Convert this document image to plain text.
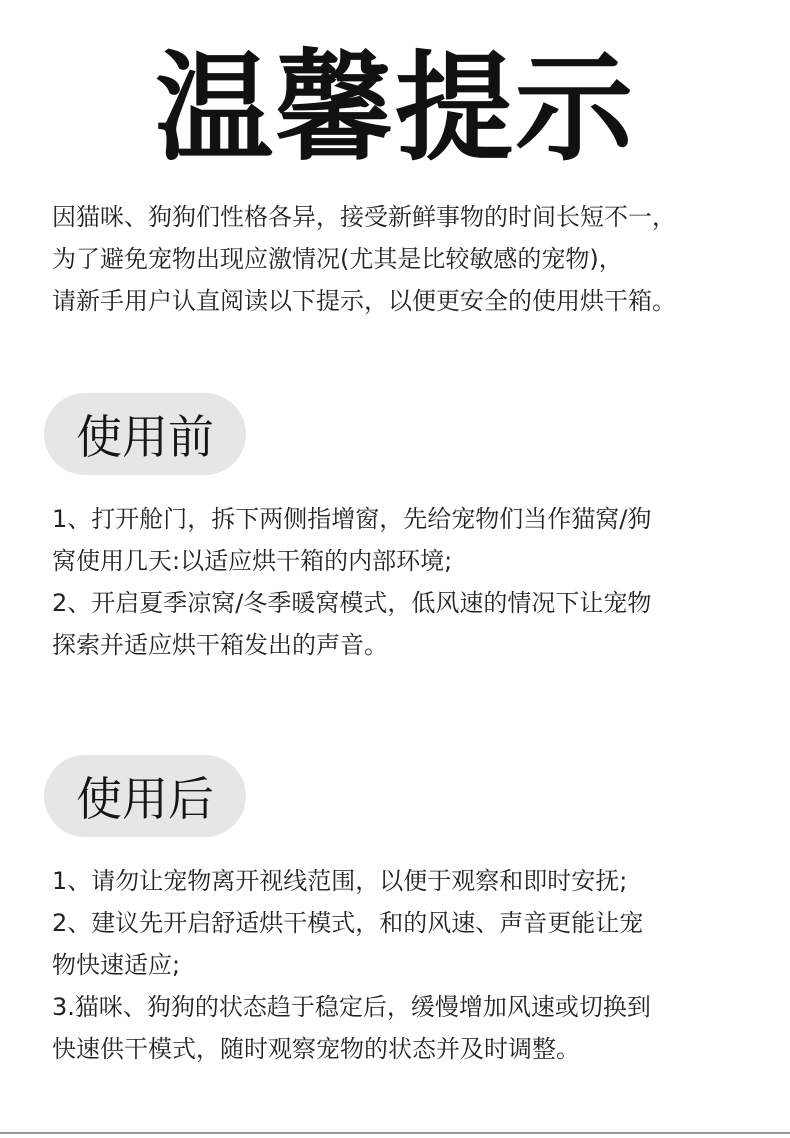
温馨提示
因猫咪、狗狗们性格各异，接受新鲜事物的时间长短不一，
为了避免宠物出现应激情况(尤其是比较敏感的宠物)，
请新手用户认直阅读以下提示，以便更安全的使用烘干箱。
使用前
1、打开舱门，拆下两侧指增窗，先给宠物们当作猫窝/狗
窝使用几天:以适应烘干箱的内部环境;
2、开启夏季凉窝/冬季暖窝模式，低风速的情况下让宠物
探索并适应烘干箱发出的声音。
使用后
1、请勿让宠物离开视线范围，以便于观察和即时安抚;
2、建议先开启舒适烘干模式，和的风速、声音更能让宠
物快速适应;
3.猫咪、狗狗的状态趋于稳定后，缓慢增加风速或切换到
快速供干模式，随时观察宠物的状态并及时调整。
